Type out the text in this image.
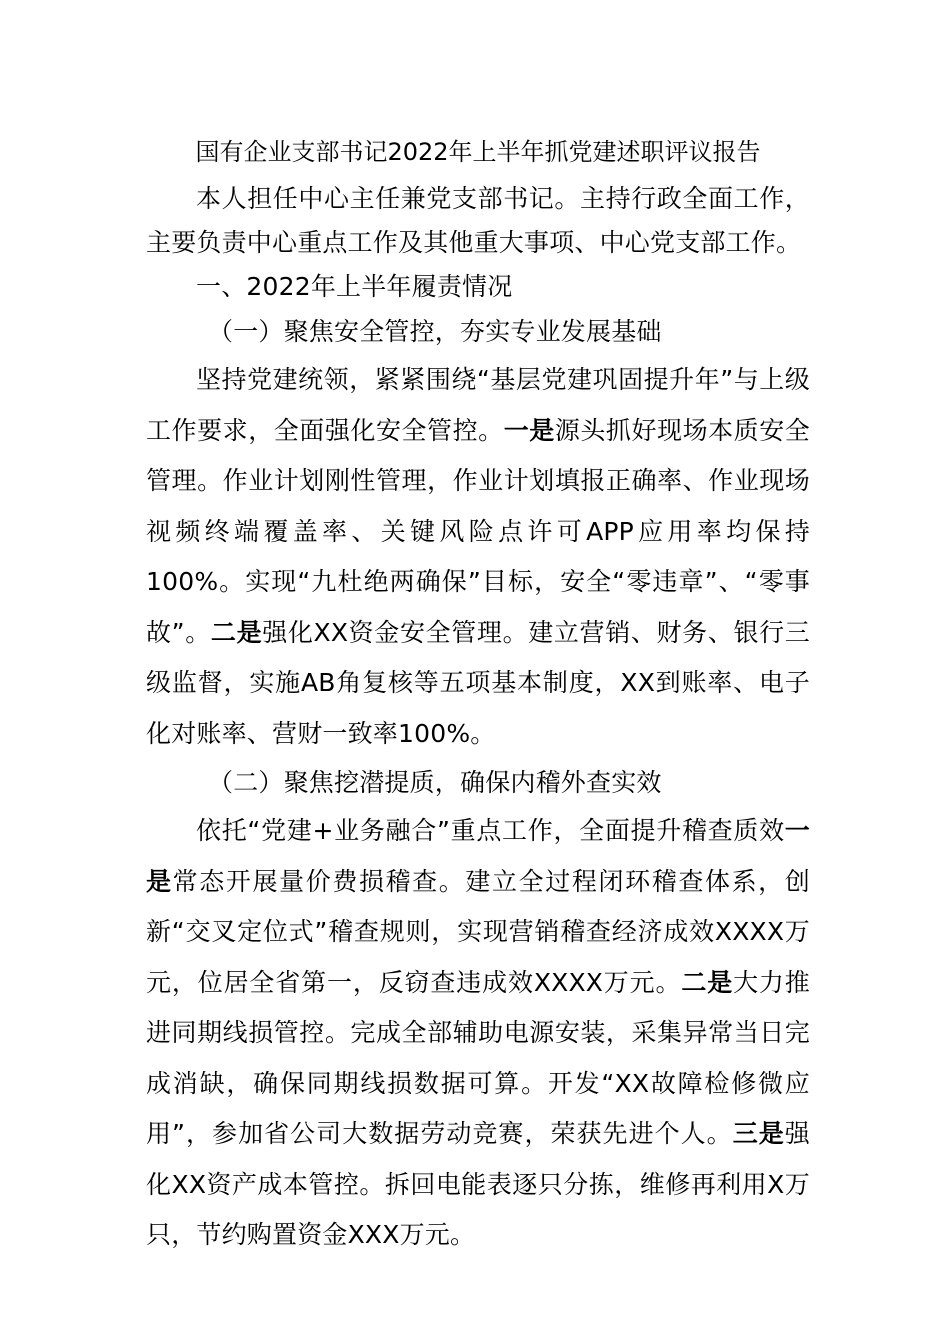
国有企业支部书记2022年上半年抓党建述职评议报告

本人担任中心主任兼党支部书记。主持行政全面工作，主要负责中心重点工作及其他重大事项、中心党支部工作。

一、2022年上半年履责情况

（一）聚焦安全管控，夯实专业发展基础

坚持党建统领，紧紧围绕“基层党建巩固提升年”与上级工作要求，全面强化安全管控。一是源头抓好现场本质安全管理。作业计划刚性管理，作业计划填报正确率、作业现场视频终端覆盖率、关键风险点许可APP应用率均保持100%。实现“九杜绝两确保”目标，安全“零违章”、“零事故”。二是强化XX资金安全管理。建立营销、财务、银行三级监督，实施AB角复核等五项基本制度，XX到账率、电子化对账率、营财一致率100%。

（二）聚焦挖潜提质，确保内稽外查实效

依托“党建+业务融合”重点工作，全面提升稽查质效一是常态开展量价费损稽查。建立全过程闭环稽查体系，创新“交叉定位式”稽查规则，实现营销稽查经济成效XXXX万元，位居全省第一，反窃查违成效XXXX万元。二是大力推进同期线损管控。完成全部辅助电源安装，采集异常当日完成消缺，确保同期线损数据可算。开发“XX故障检修微应用”，参加省公司大数据劳动竞赛，荣获先进个人。三是强化XX资产成本管控。拆回电能表逐只分拣，维修再利用X万只，节约购置资金XXX万元。
